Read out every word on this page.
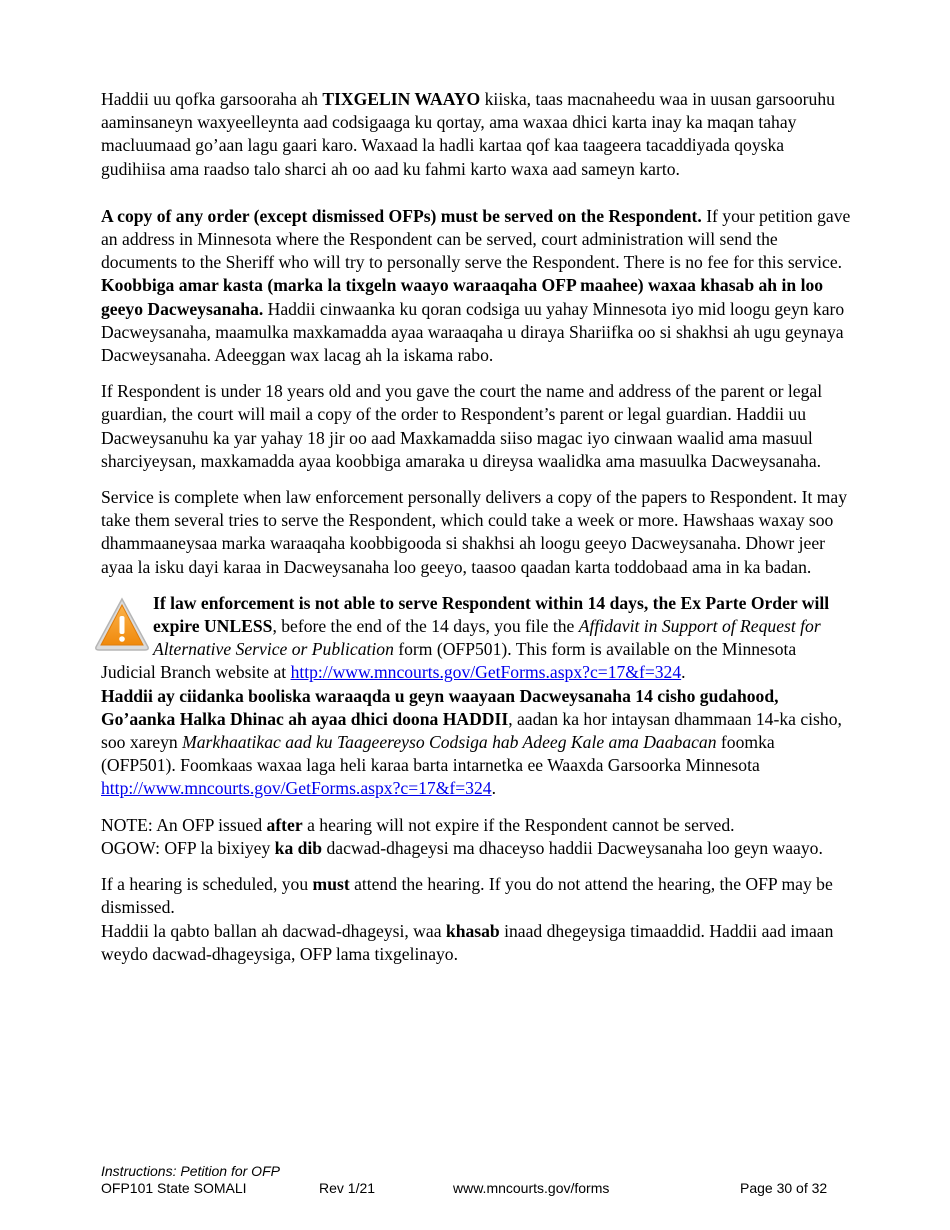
Haddii uu qofka garsooraha ah TIXGELIN WAAYO kiiska, taas macnaheedu waa in uusan garsooruhu aaminsaneyn waxyeelleynta aad codsigaaga ku qortay, ama waxaa dhici karta inay ka maqan tahay macluumaad go’aan lagu gaari karo. Waxaad la hadli kartaa qof kaa taageera tacaddiyada qoyska gudihiisa ama raadso talo sharci ah oo aad ku fahmi karto waxa aad sameyn karto.

A copy of any order (except dismissed OFPs) must be served on the Respondent. If your petition gave an address in Minnesota where the Respondent can be served, court administration will send the documents to the Sheriff who will try to personally serve the Respondent. There is no fee for this service.

Koobbiga amar kasta (marka la tixgeln waayo waraaqaha OFP maahee) waxaa khasab ah in loo geeyo Dacweysanaha. Haddii cinwaanka ku qoran codsiga uu yahay Minnesota iyo mid loogu geyn karo Dacweysanaha, maamulka maxkamadda ayaa waraaqaha u diraya Shariifka oo si shakhsi ah ugu geynaya Dacweysanaha. Adeeggan wax lacag ah la iskama rabo.

If Respondent is under 18 years old and you gave the court the name and address of the parent or legal guardian, the court will mail a copy of the order to Respondent’s parent or legal guardian. Haddii uu Dacweysanuhu ka yar yahay 18 jir oo aad Maxkamadda siiso magac iyo cinwaan waalid ama masuul sharciyeysan, maxkamadda ayaa koobbiga amaraka u direysa waalidka ama masuulka Dacweysanaha.

Service is complete when law enforcement personally delivers a copy of the papers to Respondent. It may take them several tries to serve the Respondent, which could take a week or more. Hawshaas waxay soo dhammaaneysaa marka waraaqaha koobbigooda si shakhsi ah loogu geeyo Dacweysanaha. Dhowr jeer ayaa la isku dayi karaa in Dacweysanaha loo geeyo, taasoo qaadan karta toddobaad ama in ka badan.

If law enforcement is not able to serve Respondent within 14 days, the Ex Parte Order will expire UNLESS, before the end of the 14 days, you file the Affidavit in Support of Request for Alternative Service or Publication form (OFP501). This form is available on the Minnesota Judicial Branch website at http://www.mncourts.gov/GetForms.aspx?c=17&f=324.
Haddii ay ciidanka booliska waraaqda u geyn waayaan Dacweysanaha 14 cisho gudahood, Go’aanka Halka Dhinac ah ayaa dhici doona HADDII, aadan ka hor intaysan dhammaan 14-ka cisho, soo xareyn Markhaatikac aad ku Taageereyso Codsiga hab Adeeg Kale ama Daabacan foomka (OFP501). Foomkaas waxaa laga heli karaa barta intarnetka ee Waaxda Garsoorka Minnesota http://www.mncourts.gov/GetForms.aspx?c=17&f=324.

NOTE: An OFP issued after a hearing will not expire if the Respondent cannot be served.
OGOW: OFP la bixiyey ka dib dacwad-dhageysi ma dhaceyso haddii Dacweysanaha loo geyn waayo.

If a hearing is scheduled, you must attend the hearing. If you do not attend the hearing, the OFP may be dismissed.
Haddii la qabto ballan ah dacwad-dhageysi, waa khasab inaad dhegeysiga timaaddid. Haddii aad imaan weydo dacwad-dhageysiga, OFP lama tixgelinayo.

Instructions: Petition for OFP
OFP101 State SOMALI	Rev 1/21	www.mncourts.gov/forms	Page 30 of 32
